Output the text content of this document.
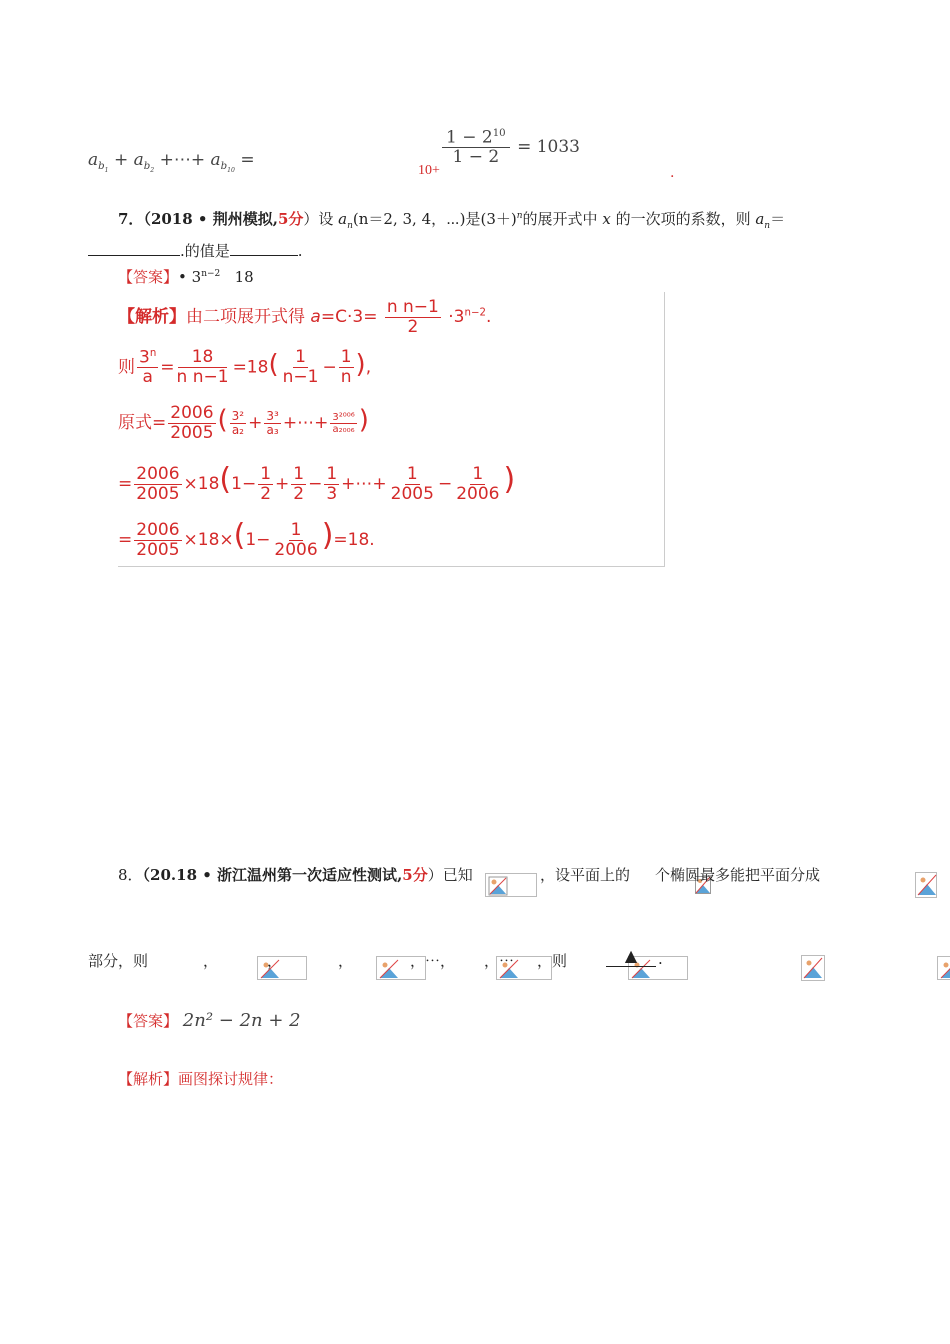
$a_{b_1} + a_{b_2}$ +⋯+ $a_{b_{10}}$ =
10+
$\frac{1 - 2^{10}}{1 - 2} = 1033$
.
7．（2018 • 荆州模拟,5分）设 $a_n(n=2$, 3, 4，⋯)是$(3+)^n$的展开式中 x 的一次项的系数，则 $a_n=$
.的值是	.
【答案】• $3^{n-2}$ 18
【解析】由二项展开式得 $a=C\cdot 3= \frac{\text{n n−1}}{2} \cdot 3^{n-2}$.
则 $\frac{3^n}{a} = \frac{18}{\text{n n−1}} =18( \frac{1}{n-1} - \frac{1}{n}$ ),
原式= $\frac{2006}{2005}$ ( $\frac{\text{3²}}{\text{a₂}} + \frac{\text{3³}}{\text{a₃}}$ +⋯+ $\frac{\text{3²⁰⁰⁶}}{\text{a₂₀₀₆}}$ )
= $\frac{2006}{2005} \times 18(1- \frac{1}{2} + \frac{1}{2} - \frac{1}{3}$ +⋯+ $\frac{1}{2005} - \frac{1}{2006}$ )
= $\frac{2006}{2005} \times 18\times(1- \frac{1}{2006} )=18$.
8．（20.18 • 浙江温州第一次适应性测试,5分）已知
	，设平面上的
个椭圆最多能把平面分成

部分，则
	，
	，
	，
	，⋯，
，⋯ ，则	▲	.
【答案】 2n² − 2n + 2
【解析】画图探讨规律：
